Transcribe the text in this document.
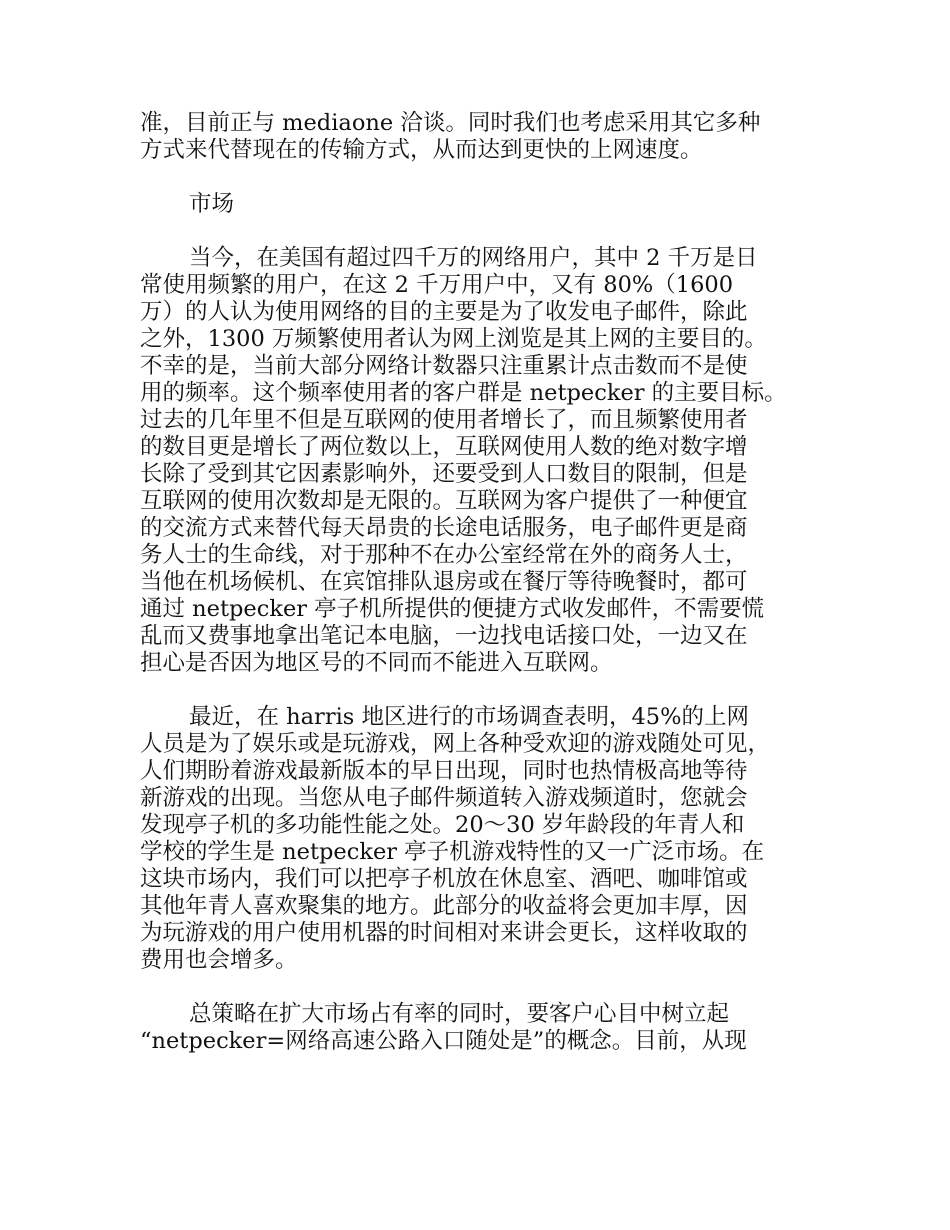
准，目前正与 mediaone 洽谈。同时我们也考虑采用其它多种
方式来代替现在的传输方式，从而达到更快的上网速度。
市场
当今，在美国有超过四千万的网络用户，其中 2 千万是日
常使用频繁的用户，在这 2 千万用户中，又有 80%（1600
万）的人认为使用网络的目的主要是为了收发电子邮件，除此
之外，1300 万频繁使用者认为网上浏览是其上网的主要目的。
不幸的是，当前大部分网络计数器只注重累计点击数而不是使
用的频率。这个频率使用者的客户群是 netpecker 的主要目标。
过去的几年里不但是互联网的使用者增长了，而且频繁使用者
的数目更是增长了两位数以上，互联网使用人数的绝对数字增
长除了受到其它因素影响外，还要受到人口数目的限制，但是
互联网的使用次数却是无限的。互联网为客户提供了一种便宜
的交流方式来替代每天昂贵的长途电话服务，电子邮件更是商
务人士的生命线，对于那种不在办公室经常在外的商务人士，
当他在机场候机、在宾馆排队退房或在餐厅等待晚餐时，都可
通过 netpecker 亭子机所提供的便捷方式收发邮件，不需要慌
乱而又费事地拿出笔记本电脑，一边找电话接口处，一边又在
担心是否因为地区号的不同而不能进入互联网。
最近，在 harris 地区进行的市场调查表明，45%的上网
人员是为了娱乐或是玩游戏，网上各种受欢迎的游戏随处可见，
人们期盼着游戏最新版本的早日出现，同时也热情极高地等待
新游戏的出现。当您从电子邮件频道转入游戏频道时，您就会
发现亭子机的多功能性能之处。20～30 岁年龄段的年青人和
学校的学生是 netpecker 亭子机游戏特性的又一广泛市场。在
这块市场内，我们可以把亭子机放在休息室、酒吧、咖啡馆或
其他年青人喜欢聚集的地方。此部分的收益将会更加丰厚，因
为玩游戏的用户使用机器的时间相对来讲会更长，这样收取的
费用也会增多。
总策略在扩大市场占有率的同时，要客户心目中树立起
“netpecker=网络高速公路入口随处是”的概念。目前，从现
